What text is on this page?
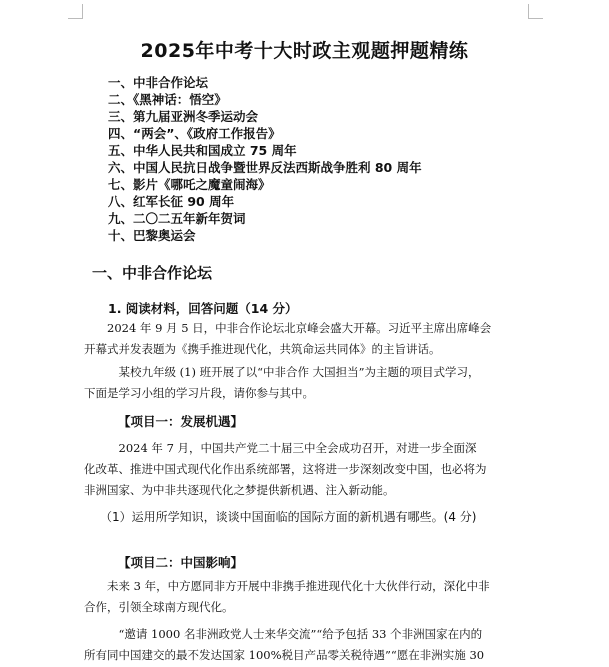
2025年中考十大时政主观题押题精练
一、中非合作论坛
二、《黑神话：悟空》
三、第九届亚洲冬季运动会
四、“两会”、《政府工作报告》
五、中华人民共和国成立 75 周年
六、中国人民抗日战争暨世界反法西斯战争胜利 80 周年
七、影片《哪吒之魔童闹海》
八、红军长征 90 周年
九、二〇二五年新年贺词
十、巴黎奥运会
一、中非合作论坛
1. 阅读材料，回答问题（14 分）

　　2024 年 9 月 5 日，中非合作论坛北京峰会盛大开幕。习近平主席出席峰会
开幕式并发表题为《携手推进现代化，共筑命运共同体》的主旨讲话。

　　　某校九年级 (1) 班开展了以“中非合作 大国担当”为主题的项目式学习，
下面是学习小组的学习片段，请你参与其中。

【项目一：发展机遇】

　　　2024 年 7 月，中国共产党二十届三中全会成功召开，对进一步全面深
化改革、推进中国式现代化作出系统部署，这将进一步深刻改变中国，也必将为
非洲国家、为中非共逐现代化之梦提供新机遇、注入新动能。

（1）运用所学知识，谈谈中国面临的国际方面的新机遇有哪些。(4 分)
【项目二：中国影响】

　　未来 3 年，中方愿同非方开展中非携手推进现代化十大伙伴行动，深化中非
合作，引领全球南方现代化。

　　　“邀请 1000 名非洲政党人士来华交流”“给予包括 33 个非洲国家在内的
所有同中国建交的最不发达国家 100%税目产品零关税待遇”“愿在非洲实施 30
